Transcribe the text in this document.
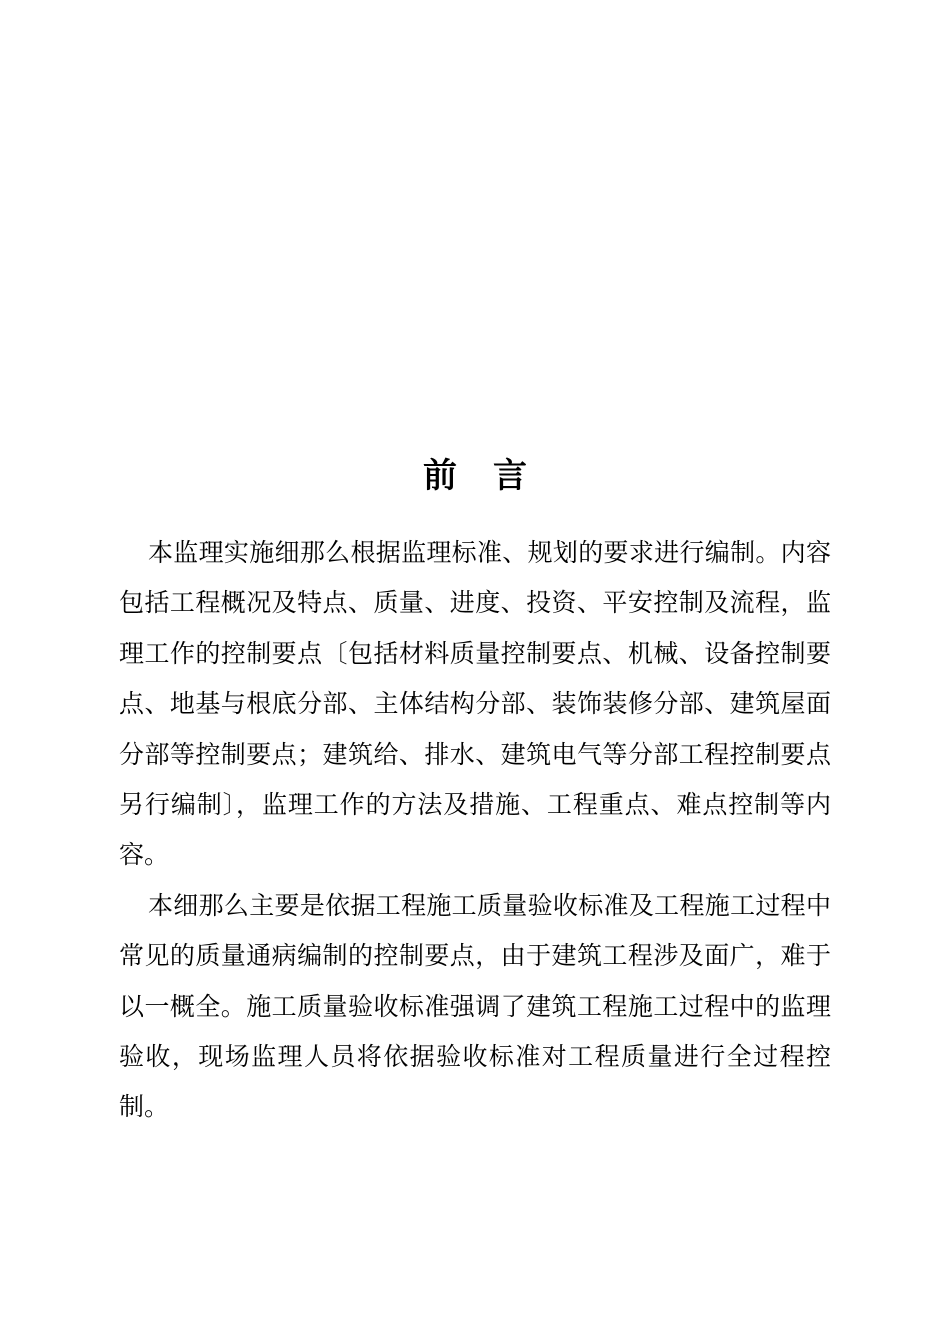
前言

本监理实施细那么根据监理标准、规划的要求进行编制。内容包括工程概况及特点、质量、进度、投资、平安控制及流程，监理工作的控制要点〔包括材料质量控制要点、机械、设备控制要点、地基与根底分部、主体结构分部、装饰装修分部、建筑屋面分部等控制要点；建筑给、排水、建筑电气等分部工程控制要点另行编制〕，监理工作的方法及措施、工程重点、难点控制等内容。

本细那么主要是依据工程施工质量验收标准及工程施工过程中常见的质量通病编制的控制要点，由于建筑工程涉及面广，难于以一概全。施工质量验收标准强调了建筑工程施工过程中的监理验收，现场监理人员将依据验收标准对工程质量进行全过程控制。
